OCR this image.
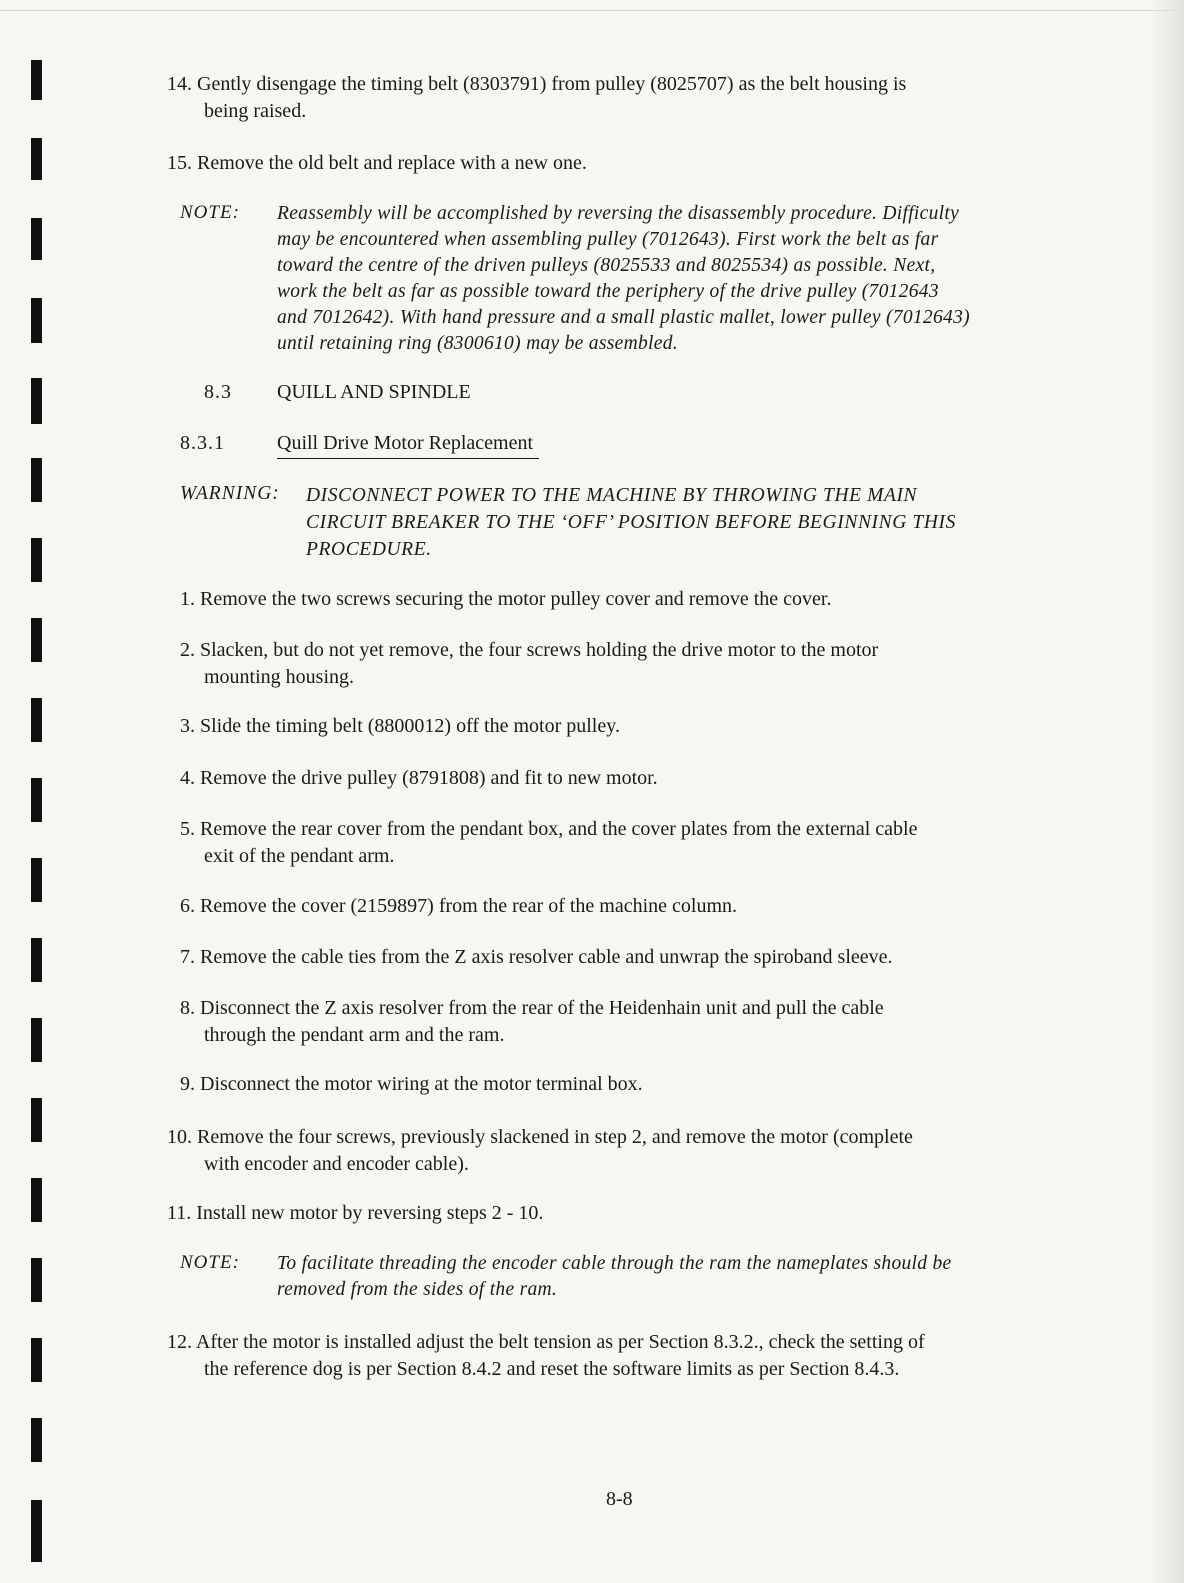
14. Gently disengage the timing belt (8303791) from pulley (8025707) as the belt housing is
being raised.
15. Remove the old belt and replace with a new one.
NOTE: Reassembly will be accomplished by reversing the disassembly procedure. Difficulty
may be encountered when assembling pulley (7012643). First work the belt as far
toward the centre of the driven pulleys (8025533 and 8025534) as possible. Next,
work the belt as far as possible toward the periphery of the drive pulley (7012643
and 7012642). With hand pressure and a small plastic mallet, lower pulley (7012643)
until retaining ring (8300610) may be assembled.
8.3 QUILL AND SPINDLE
8.3.1	Quill Drive Motor Replacement
WARNING: DISCONNECT POWER TO THE MACHINE BY THROWING THE MAIN
CIRCUIT BREAKER TO THE ‘OFF’ POSITION BEFORE BEGINNING THIS
PROCEDURE.
1. Remove the two screws securing the motor pulley cover and remove the cover.
2. Slacken, but do not yet remove, the four screws holding the drive motor to the motor
mounting housing.
3. Slide the timing belt (8800012) off the motor pulley.
4. Remove the drive pulley (8791808) and fit to new motor.
5. Remove the rear cover from the pendant box, and the cover plates from the external cable
exit of the pendant arm.
6. Remove the cover (2159897) from the rear of the machine column.
7. Remove the cable ties from the Z axis resolver cable and unwrap the spiroband sleeve.
8. Disconnect the Z axis resolver from the rear of the Heidenhain unit and pull the cable
through the pendant arm and the ram.
9. Disconnect the motor wiring at the motor terminal box.
10. Remove the four screws, previously slackened in step 2, and remove the motor (complete
with encoder and encoder cable).
11. Install new motor by reversing steps 2 - 10.
NOTE: To facilitate threading the encoder cable through the ram the nameplates should be
removed from the sides of the ram.
12. After the motor is installed adjust the belt tension as per Section 8.3.2., check the setting of
the reference dog is per Section 8.4.2 and reset the software limits as per Section 8.4.3.
8-8
